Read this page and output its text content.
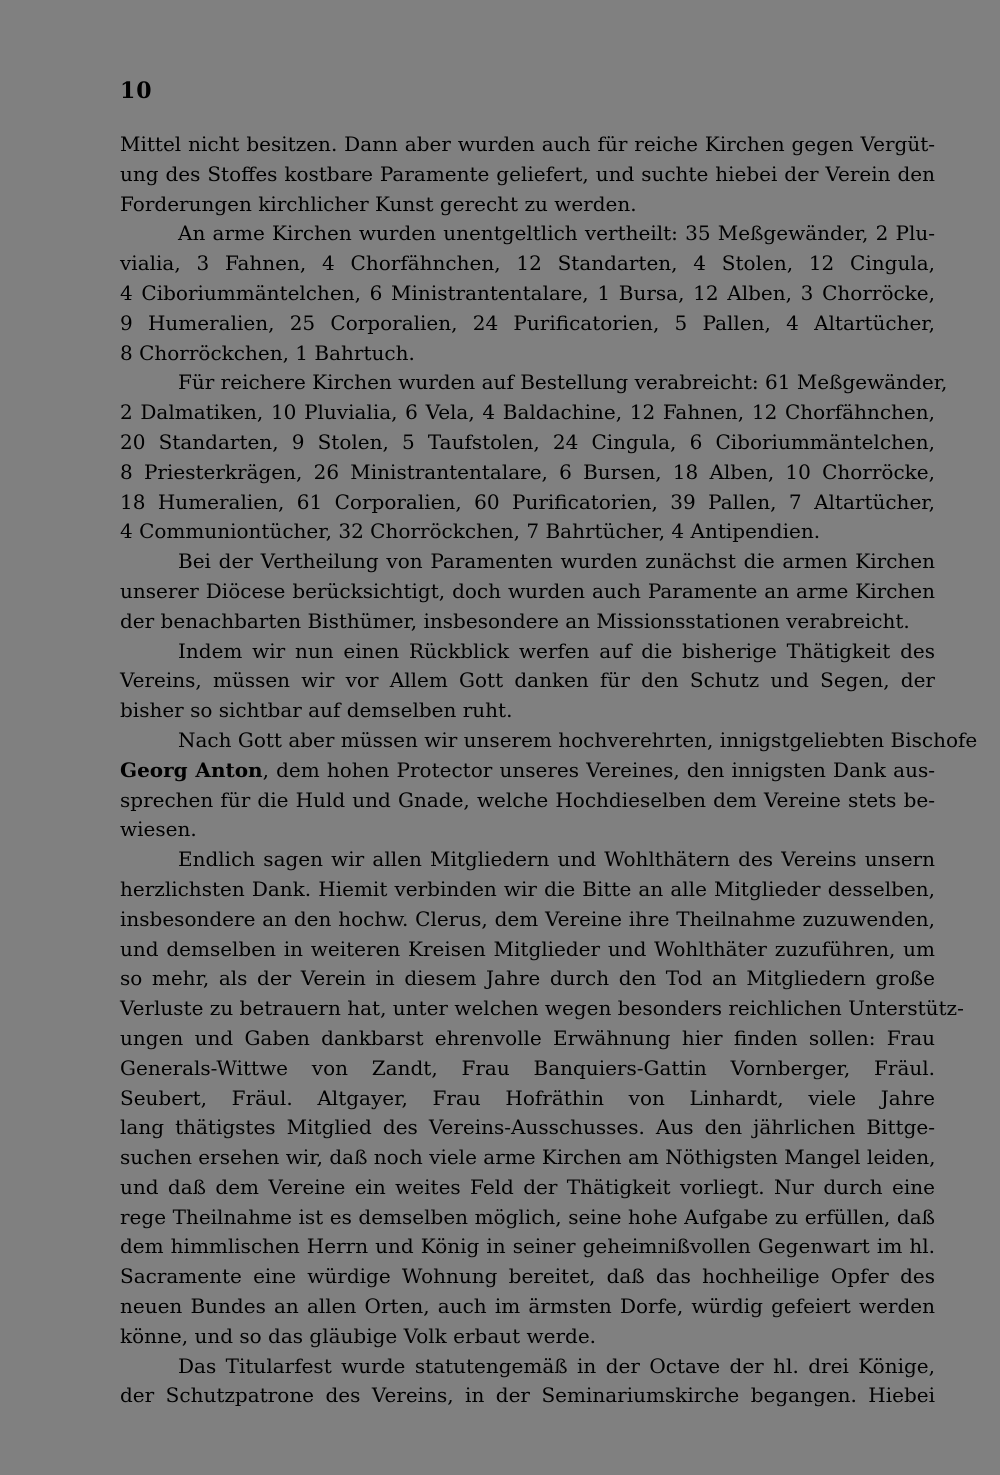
10
Mittel nicht besitzen. Dann aber wurden auch für reiche Kirchen gegen Vergüt-
ung des Stoffes kostbare Paramente geliefert, und suchte hiebei der Verein den
Forderungen kirchlicher Kunst gerecht zu werden.
An arme Kirchen wurden unentgeltlich vertheilt: 35 Meßgewänder, 2 Plu-
vialia, 3 Fahnen, 4 Chorfähnchen, 12 Standarten, 4 Stolen, 12 Cingula,
4 Ciboriummäntelchen, 6 Ministrantentalare, 1 Bursa, 12 Alben, 3 Chorröcke,
9 Humeralien, 25 Corporalien, 24 Purificatorien, 5 Pallen, 4 Altartücher,
8 Chorröckchen, 1 Bahrtuch.
Für reichere Kirchen wurden auf Bestellung verabreicht: 61 Meßgewänder,
2 Dalmatiken, 10 Pluvialia, 6 Vela, 4 Baldachine, 12 Fahnen, 12 Chorfähnchen,
20 Standarten, 9 Stolen, 5 Taufstolen, 24 Cingula, 6 Ciboriummäntelchen,
8 Priesterkrägen, 26 Ministrantentalare, 6 Bursen, 18 Alben, 10 Chorröcke,
18 Humeralien, 61 Corporalien, 60 Purificatorien, 39 Pallen, 7 Altartücher,
4 Communiontücher, 32 Chorröckchen, 7 Bahrtücher, 4 Antipendien.
Bei der Vertheilung von Paramenten wurden zunächst die armen Kirchen
unserer Diöcese berücksichtigt, doch wurden auch Paramente an arme Kirchen
der benachbarten Bisthümer, insbesondere an Missionsstationen verabreicht.
Indem wir nun einen Rückblick werfen auf die bisherige Thätigkeit des
Vereins, müssen wir vor Allem Gott danken für den Schutz und Segen, der
bisher so sichtbar auf demselben ruht.
Nach Gott aber müssen wir unserem hochverehrten, innigstgeliebten Bischofe
Georg Anton, dem hohen Protector unseres Vereines, den innigsten Dank aus-
sprechen für die Huld und Gnade, welche Hochdieselben dem Vereine stets be-
wiesen.
Endlich sagen wir allen Mitgliedern und Wohlthätern des Vereins unsern
herzlichsten Dank. Hiemit verbinden wir die Bitte an alle Mitglieder desselben,
insbesondere an den hochw. Clerus, dem Vereine ihre Theilnahme zuzuwenden,
und demselben in weiteren Kreisen Mitglieder und Wohlthäter zuzuführen, um
so mehr, als der Verein in diesem Jahre durch den Tod an Mitgliedern große
Verluste zu betrauern hat, unter welchen wegen besonders reichlichen Unterstütz-
ungen und Gaben dankbarst ehrenvolle Erwähnung hier finden sollen: Frau
Generals-Wittwe von Zandt, Frau Banquiers-Gattin Vornberger, Fräul.
Seubert, Fräul. Altgayer, Frau Hofräthin von Linhardt, viele Jahre
lang thätigstes Mitglied des Vereins-Ausschusses. Aus den jährlichen Bittge-
suchen ersehen wir, daß noch viele arme Kirchen am Nöthigsten Mangel leiden,
und daß dem Vereine ein weites Feld der Thätigkeit vorliegt. Nur durch eine
rege Theilnahme ist es demselben möglich, seine hohe Aufgabe zu erfüllen, daß
dem himmlischen Herrn und König in seiner geheimnißvollen Gegenwart im hl.
Sacramente eine würdige Wohnung bereitet, daß das hochheilige Opfer des
neuen Bundes an allen Orten, auch im ärmsten Dorfe, würdig gefeiert werden
könne, und so das gläubige Volk erbaut werde.
Das Titularfest wurde statutengemäß in der Octave der hl. drei Könige,
der Schutzpatrone des Vereins, in der Seminariumskirche begangen. Hiebei
